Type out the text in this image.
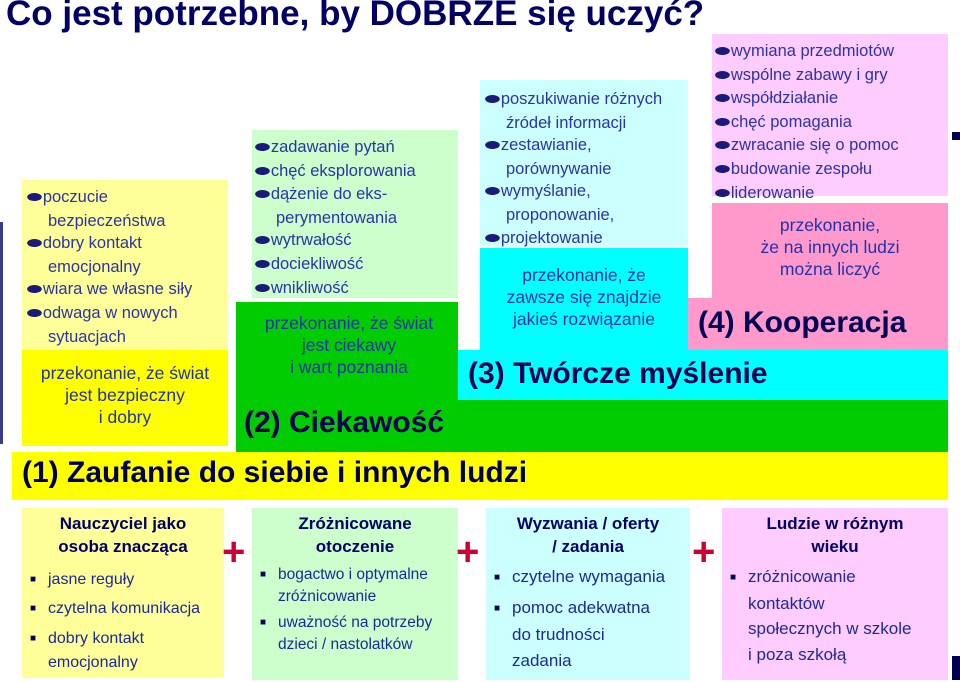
Co jest potrzebne, by DOBRZE się uczyć?
(1) Zaufanie do siebie i innych ludzi
(2) Ciekawość
(3) Twórcze myślenie
(4) Kooperacja
⬬poczucie
bezpieczeństwa
⬬dobry kontakt
emocjonalny
⬬wiara we własne siły
⬬odwaga w nowych
sytuacjach
przekonanie, że świat
jest bezpieczny
i dobry
⬬zadawanie pytań
⬬chęć eksplorowania
⬬dążenie do eks-
perymentowania
⬬wytrwałość
⬬dociekliwość
⬬wnikliwość
przekonanie, że świat
jest ciekawy
i wart poznania
⬬poszukiwanie różnych
źródeł informacji
⬬zestawianie,
porównywanie
⬬wymyślanie,
proponowanie,
⬬projektowanie
przekonanie, że
zawsze się znajdzie
jakieś rozwiązanie
⬬wymiana przedmiotów
⬬wspólne zabawy i gry
⬬współdziałanie
⬬chęć pomagania
⬬zwracanie się o pomoc
⬬budowanie zespołu
⬬liderowanie
przekonanie,
że na innych ludzi
można liczyć
Nauczyciel jako
osoba znacząca
■ jasne reguły
■ czytelna komunikacja
■ dobry kontakt
emocjonalny
+
Zróżnicowane
otoczenie
■ bogactwo i optymalne
zróżnicowanie
■ uważność na potrzeby
dzieci / nastolatków
+
Wyzwania / oferty
/ zadania
■ czytelne wymagania
■ pomoc adekwatna
do trudności
zadania
+
Ludzie w różnym
wieku
■ zróżnicowanie
kontaktów
społecznych w szkole
i poza szkołą
